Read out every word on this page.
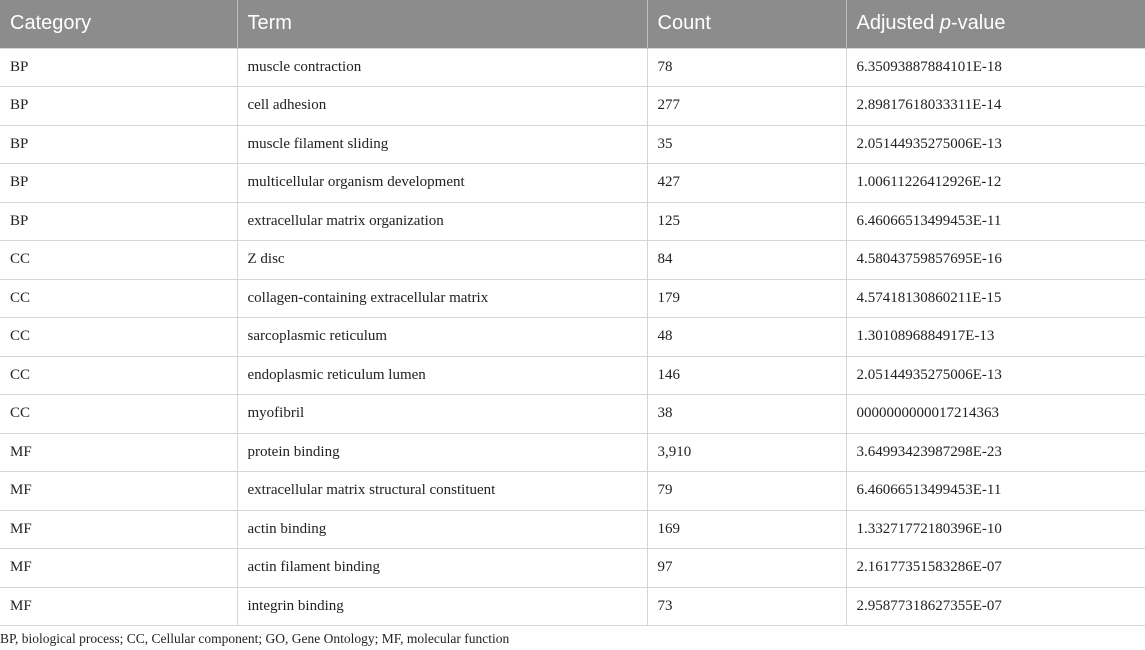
Category	Term	Count	Adjusted p-value
BP	muscle contraction	78	6.35093887884101E-18
BP	cell adhesion	277	2.89817618033311E-14
BP	muscle filament sliding	35	2.05144935275006E-13
BP	multicellular organism development	427	1.00611226412926E-12
BP	extracellular matrix organization	125	6.46066513499453E-11
CC	Z disc	84	4.58043759857695E-16
CC	collagen-containing extracellular matrix	179	4.57418130860211E-15
CC	sarcoplasmic reticulum	48	1.3010896884917E-13
CC	endoplasmic reticulum lumen	146	2.05144935275006E-13
CC	myofibril	38	0000000000017214363
MF	protein binding	3,910	3.64993423987298E-23
MF	extracellular matrix structural constituent	79	6.46066513499453E-11
MF	actin binding	169	1.33271772180396E-10
MF	actin filament binding	97	2.16177351583286E-07
MF	integrin binding	73	2.95877318627355E-07
BP, biological process; CC, Cellular component; GO, Gene Ontology; MF, molecular function
